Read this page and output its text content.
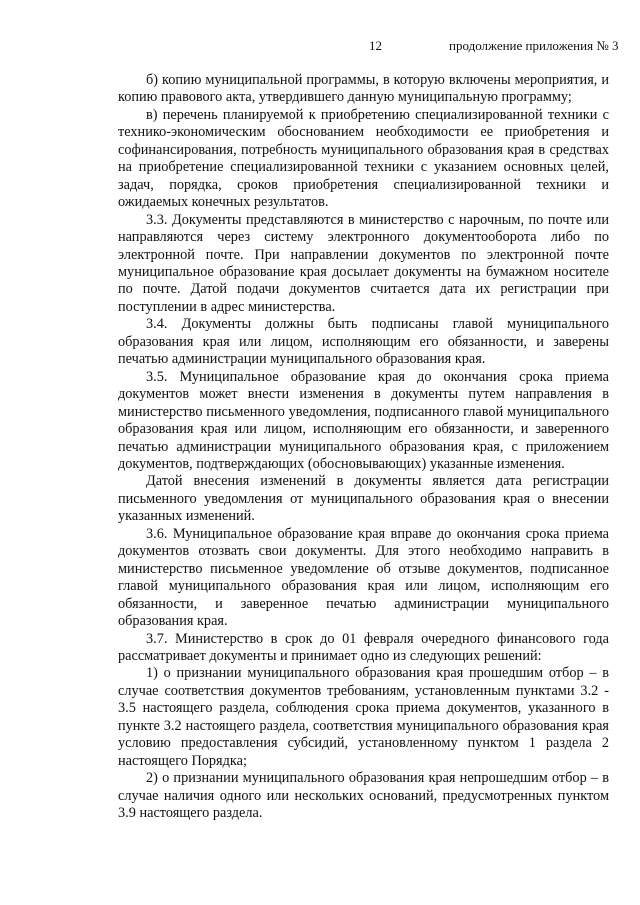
12	продолжение приложения № 3

б) копию муниципальной программы, в которую включены мероприятия, и копию правового акта, утвердившего данную муниципальную программу;

в) перечень планируемой к приобретению специализированной техники с технико-экономическим обоснованием необходимости ее приобретения и софинансирования, потребность муниципального образования края в средствах на приобретение специализированной техники с указанием основных целей, задач, порядка, сроков приобретения специализированной техники и ожидаемых конечных результатов.

3.3. Документы представляются в министерство с нарочным, по почте или направляются через систему электронного документооборота либо по электронной почте. При направлении документов по электронной почте муниципальное образование края досылает документы на бумажном носителе по почте. Датой подачи документов считается дата их регистрации при поступлении в адрес министерства.

3.4. Документы должны быть подписаны главой муниципального образования края или лицом, исполняющим его обязанности, и заверены печатью администрации муниципального образования края.

3.5. Муниципальное образование края до окончания срока приема документов может внести изменения в документы путем направления в министерство письменного уведомления, подписанного главой муниципального образования края или лицом, исполняющим его обязанности, и заверенного печатью администрации муниципального образования края, с приложением документов, подтверждающих (обосновывающих) указанные изменения.

Датой внесения изменений в документы является дата регистрации письменного уведомления от муниципального образования края о внесении указанных изменений.

3.6. Муниципальное образование края вправе до окончания срока приема документов отозвать свои документы. Для этого необходимо направить в министерство письменное уведомление об отзыве документов, подписанное главой муниципального образования края или лицом, исполняющим его обязанности, и заверенное печатью администрации муниципального образования края.

3.7. Министерство в срок до 01 февраля очередного финансового года рассматривает документы и принимает одно из следующих решений:

1) о признании муниципального образования края прошедшим отбор – в случае соответствия документов требованиям, установленным пунктами 3.2 - 3.5 настоящего раздела, соблюдения срока приема документов, указанного в пункте 3.2 настоящего раздела, соответствия муниципального образования края условию предоставления субсидий, установленному пунктом 1 раздела 2 настоящего Порядка;

2) о признании муниципального образования края непрошедшим отбор – в случае наличия одного или нескольких оснований, предусмотренных пунктом 3.9 настоящего раздела.
